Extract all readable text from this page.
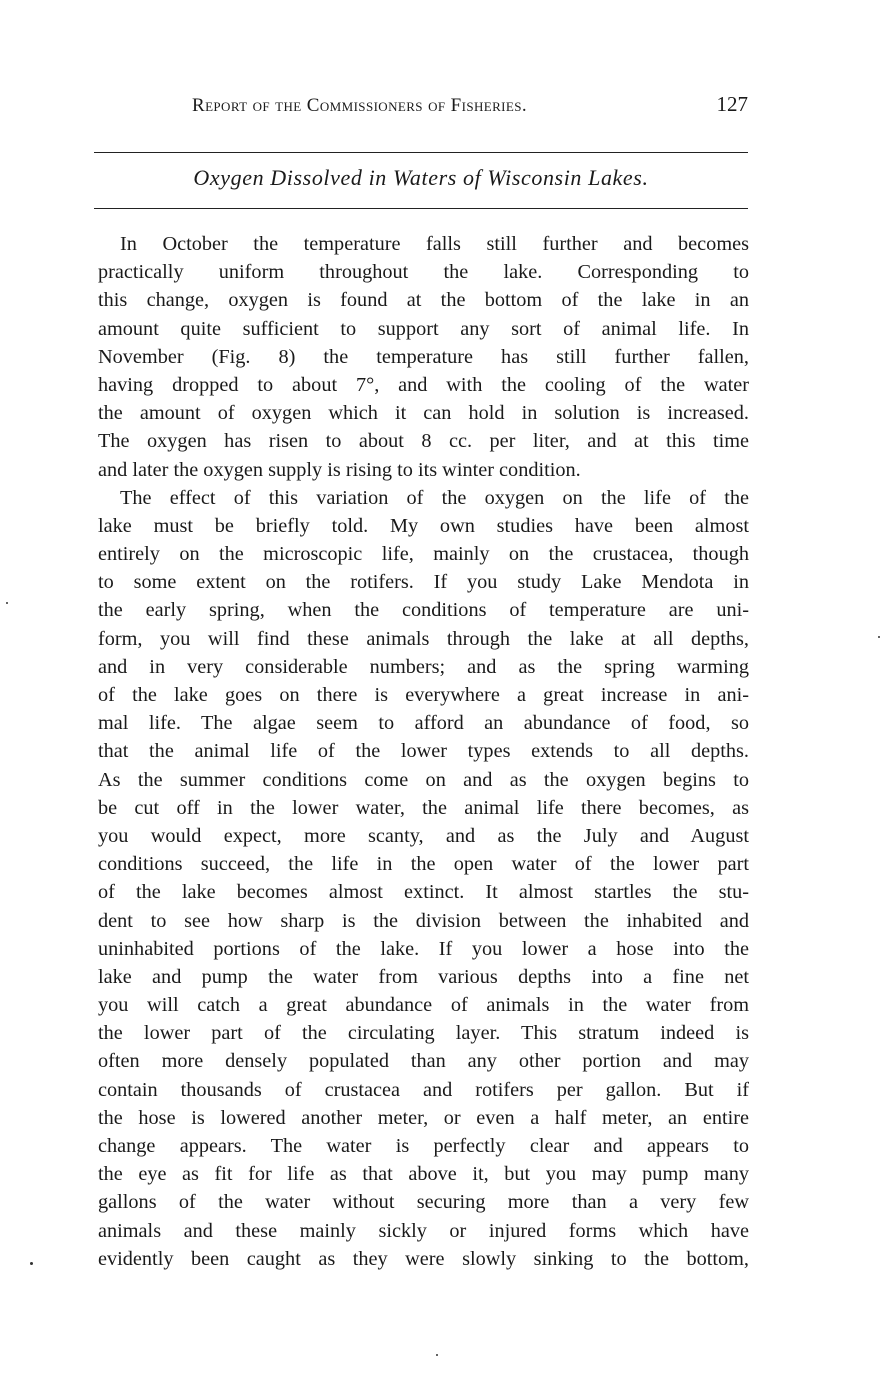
Report of the Commissioners of Fisheries.	127
Oxygen Dissolved in Waters of Wisconsin Lakes.

In October the temperature falls still further and becomes
practically uniform throughout the lake. Corresponding to
this change, oxygen is found at the bottom of the lake in an
amount quite sufficient to support any sort of animal life. In
November (Fig. 8) the temperature has still further fallen,
having dropped to about 7°, and with the cooling of the water
the amount of oxygen which it can hold in solution is increased.
The oxygen has risen to about 8 cc. per liter, and at this time
and later the oxygen supply is rising to its winter condition.

The effect of this variation of the oxygen on the life of the
lake must be briefly told. My own studies have been almost
entirely on the microscopic life, mainly on the crustacea, though
to some extent on the rotifers. If you study Lake Mendota in
the early spring, when the conditions of temperature are uni-
form, you will find these animals through the lake at all depths,
and in very considerable numbers; and as the spring warming
of the lake goes on there is everywhere a great increase in ani-
mal life. The algae seem to afford an abundance of food, so
that the animal life of the lower types extends to all depths.
As the summer conditions come on and as the oxygen begins to
be cut off in the lower water, the animal life there becomes, as
you would expect, more scanty, and as the July and August
conditions succeed, the life in the open water of the lower part
of the lake becomes almost extinct. It almost startles the stu-
dent to see how sharp is the division between the inhabited and
uninhabited portions of the lake. If you lower a hose into the
lake and pump the water from various depths into a fine net
you will catch a great abundance of animals in the water from
the lower part of the circulating layer. This stratum indeed is
often more densely populated than any other portion and may
contain thousands of crustacea and rotifers per gallon. But if
the hose is lowered another meter, or even a half meter, an entire
change appears. The water is perfectly clear and appears to
the eye as fit for life as that above it, but you may pump many
gallons of the water without securing more than a very few
animals and these mainly sickly or injured forms which have
evidently been caught as they were slowly sinking to the bottom,
